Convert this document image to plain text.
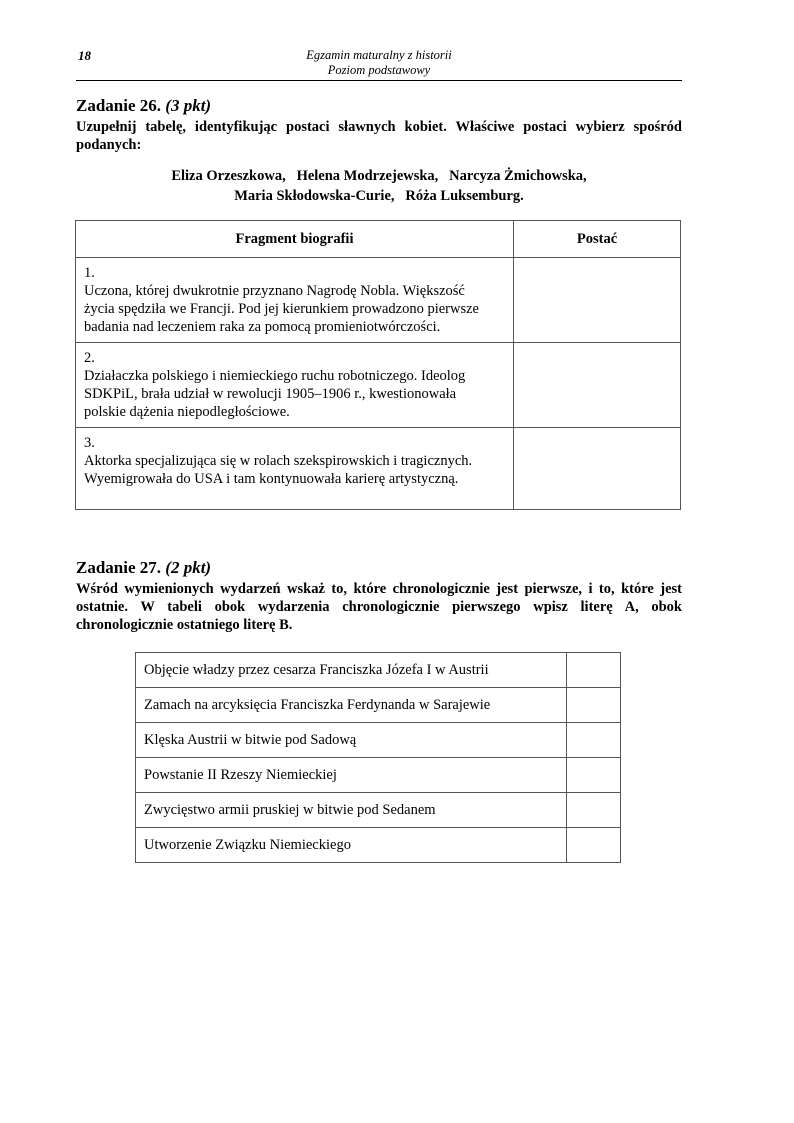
18	Egzamin maturalny z historii
Poziom podstawowy
Zadanie 26. (3 pkt)
Uzupełnij tabelę, identyfikując postaci sławnych kobiet. Właściwe postaci wybierz spośród podanych:
Eliza Orzeszkowa,   Helena Modrzejewska,   Narcyza Żmichowska,
Maria Skłodowska-Curie,   Róża Luksemburg.
Fragment biografii	Postać
1.Uczona, której dwukrotnie przyznano Nagrodę Nobla. Większość życia spędziła we Francji. Pod jej kierunkiem prowadzono pierwsze badania nad leczeniem raka za pomocą promieniotwórczości.	
2.Działaczka polskiego i niemieckiego ruchu robotniczego. Ideolog SDKPiL, brała udział w rewolucji 1905–1906 r., kwestionowała polskie dążenia niepodległościowe.	
3.Aktorka specjalizująca się w rolach szekspirowskich i tragicznych. Wyemigrowała do USA i tam kontynuowała karierę artystyczną.	
Zadanie 27. (2 pkt)
Wśród wymienionych wydarzeń wskaż to, które chronologicznie jest pierwsze, i to, które jest ostatnie. W tabeli obok wydarzenia chronologicznie pierwszego wpisz literę A, obok chronologicznie ostatniego literę B.
Objęcie władzy przez cesarza Franciszka Józefa I w Austrii	
Zamach na arcyksięcia Franciszka Ferdynanda w Sarajewie	
Klęska Austrii w bitwie pod Sadową	
Powstanie II Rzeszy Niemieckiej	
Zwycięstwo armii pruskiej w bitwie pod Sedanem	
Utworzenie Związku Niemieckiego	
